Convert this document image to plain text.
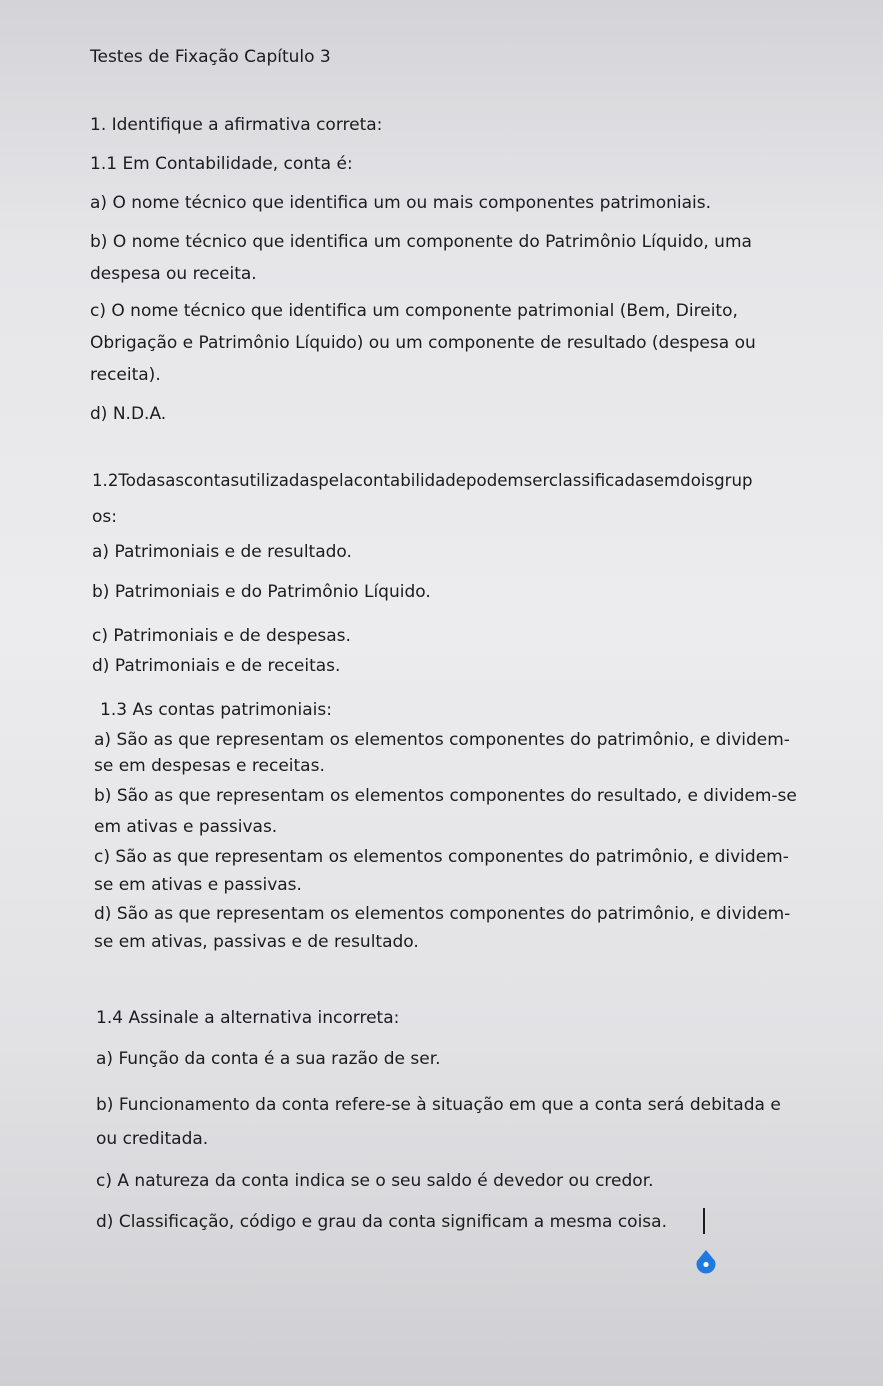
Testes de Fixação Capítulo 3
1. Identifique a afirmativa correta:
1.1 Em Contabilidade, conta é:
a) O nome técnico que identifica um ou mais componentes patrimoniais.
b) O nome técnico que identifica um componente do Patrimônio Líquido, uma
despesa ou receita.
c) O nome técnico que identifica um componente patrimonial (Bem, Direito,
Obrigação e Patrimônio Líquido) ou um componente de resultado (despesa ou
receita).
d) N.D.A.
1.2Todasascontasutilizadaspelacontabilidadepodemserclassificadasemdoisgrup
os:
a) Patrimoniais e de resultado.
b) Patrimoniais e do Patrimônio Líquido.
c) Patrimoniais e de despesas.
d) Patrimoniais e de receitas.
1.3 As contas patrimoniais:
a) São as que representam os elementos componentes do patrimônio, e dividem-
se em despesas e receitas.
b) São as que representam os elementos componentes do resultado, e dividem-se
em ativas e passivas.
c) São as que representam os elementos componentes do patrimônio, e dividem-
se em ativas e passivas.
d) São as que representam os elementos componentes do patrimônio, e dividem-
se em ativas, passivas e de resultado.
1.4 Assinale a alternativa incorreta:
a) Função da conta é a sua razão de ser.
b) Funcionamento da conta refere-se à situação em que a conta será debitada e
ou creditada.
c) A natureza da conta indica se o seu saldo é devedor ou credor.
d) Classificação, código e grau da conta significam a mesma coisa.
